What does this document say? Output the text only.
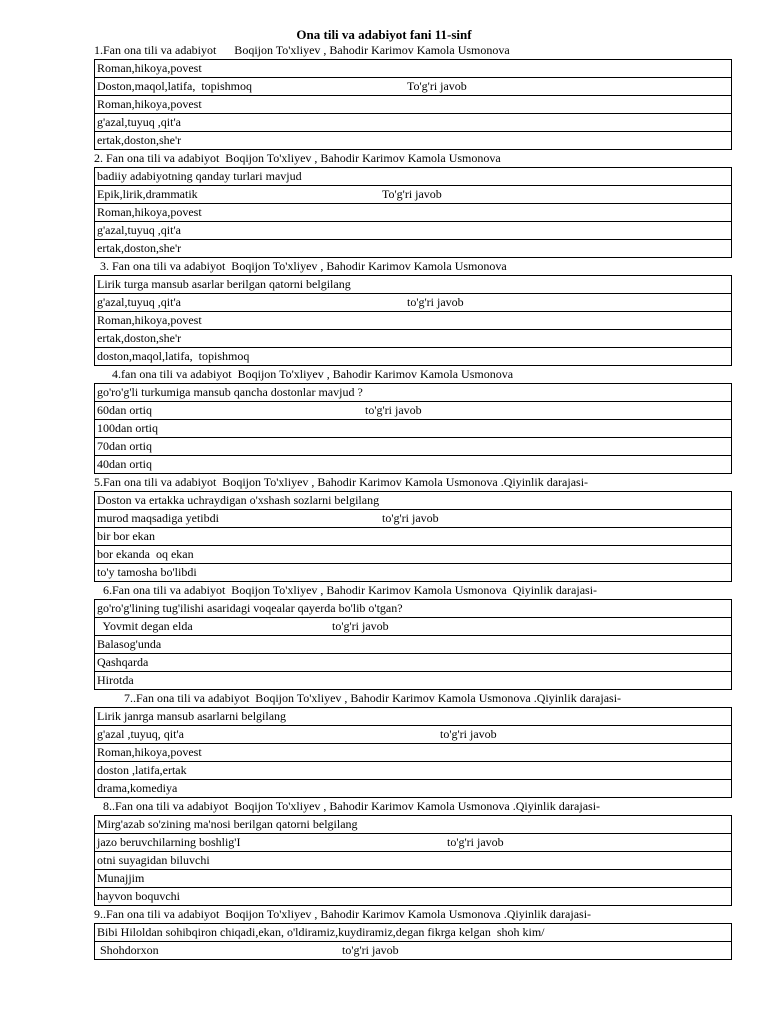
Ona tili va adabiyot fani 11-sinf
1.Fan ona tili va adabiyot      Boqijon To'xliyev , Bahodir Karimov Kamola Usmonova
Roman,hikoya,povest
Doston,maqol,latifa,  topishmoq	To'g'ri javob
Roman,hikoya,povest
g'azal,tuyuq ,qit'a
ertak,doston,she'r
2. Fan ona tili va adabiyot  Boqijon To'xliyev , Bahodir Karimov Kamola Usmonova
badiiy adabiyotning qanday turlari mavjud
Epik,lirik,drammatik	To'g'ri javob
Roman,hikoya,povest
g'azal,tuyuq ,qit'a
ertak,doston,she'r
3. Fan ona tili va adabiyot  Boqijon To'xliyev , Bahodir Karimov Kamola Usmonova
Lirik turga mansub asarlar berilgan qatorni belgilang
g'azal,tuyuq ,qit'a	to'g'ri javob
Roman,hikoya,povest
ertak,doston,she'r
doston,maqol,latifa,  topishmoq
4.fan ona tili va adabiyot  Boqijon To'xliyev , Bahodir Karimov Kamola Usmonova
go'ro'g'li turkumiga mansub qancha dostonlar mavjud ?
60dan ortiq	to'g'ri javob
100dan ortiq
70dan ortiq
40dan ortiq
5.Fan ona tili va adabiyot  Boqijon To'xliyev , Bahodir Karimov Kamola Usmonova .Qiyinlik darajasi-
Doston va ertakka uchraydigan o'xshash sozlarni belgilang
murod maqsadiga yetibdi	to'g'ri javob
bir bor ekan
bor ekanda  oq ekan
to'y tamosha bo'libdi
6.Fan ona tili va adabiyot  Boqijon To'xliyev , Bahodir Karimov Kamola Usmonova  Qiyinlik darajasi-
go'ro'g'lining tug'ilishi asaridagi voqealar qayerda bo'lib o'tgan?
Yovmit degan elda	to'g'ri javob
Balasog'unda
Qashqarda
Hirotda
7..Fan ona tili va adabiyot  Boqijon To'xliyev , Bahodir Karimov Kamola Usmonova .Qiyinlik darajasi-
Lirik janrga mansub asarlarni belgilang
g'azal ,tuyuq, qit'a	to'g'ri javob
Roman,hikoya,povest
doston ,latifa,ertak
drama,komediya
8..Fan ona tili va adabiyot  Boqijon To'xliyev , Bahodir Karimov Kamola Usmonova .Qiyinlik darajasi-
Mirg'azab so'zining ma'nosi berilgan qatorni belgilang
jazo beruvchilarning boshlig'I	to'g'ri javob
otni suyagidan biluvchi
Munajjim
hayvon boquvchi
9..Fan ona tili va adabiyot  Boqijon To'xliyev , Bahodir Karimov Kamola Usmonova .Qiyinlik darajasi-
Bibi Hiloldan sohibqiron chiqadi,ekan, o'ldiramiz,kuydiramiz,degan fikrga kelgan  shoh kim/
Shohdorxon	to'g'ri javob
